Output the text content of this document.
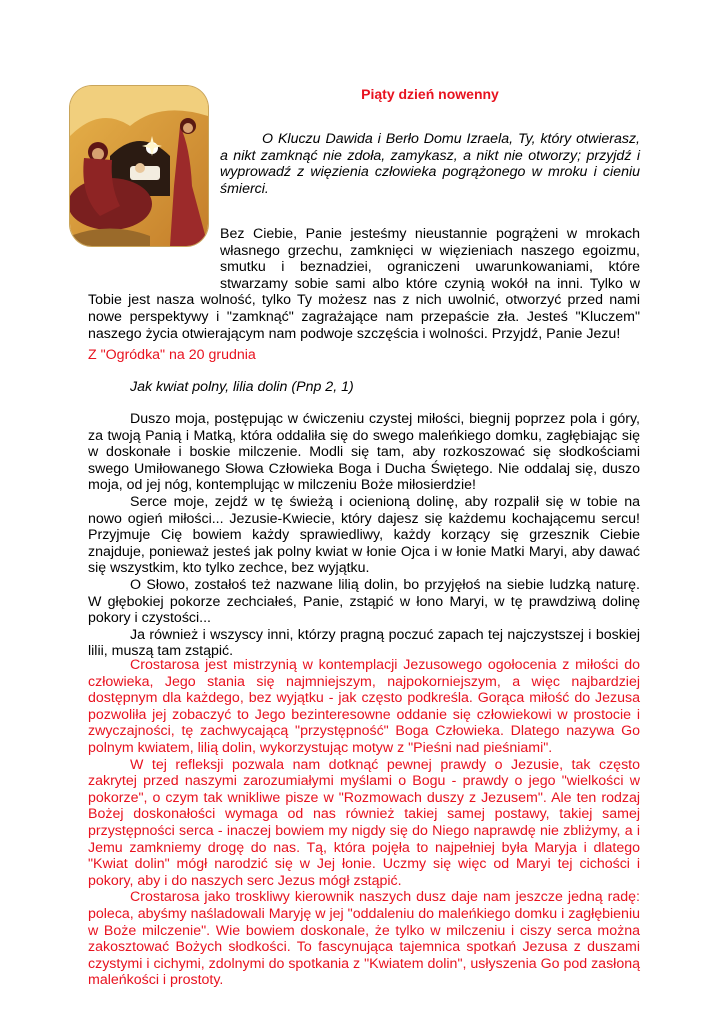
Piąty dzień nowenny
O Kluczu Dawida i Berło Domu Izraela, Ty, który otwierasz, a nikt zamknąć nie zdoła, zamykasz, a nikt nie otworzy; przyjdź i wyprowadź z więzienia człowieka pogrążonego w mroku i cieniu śmierci.
Bez Ciebie, Panie jesteśmy nieustannie pogrążeni w mrokach własnego grzechu, zamknięci w więzieniach naszego egoizmu, smutku i beznadziei, ograniczeni uwarunkowaniami, które stwarzamy sobie sami albo które czynią wokół na inni. Tylko w Tobie jest nasza wolność, tylko Ty możesz nas z nich uwolnić, otworzyć przed nami nowe perspektywy i "zamknąć" zagrażające nam przepaście zła. Jesteś "Kluczem" naszego życia otwierającym nam podwoje szczęścia i wolności. Przyjdź, Panie Jezu!
Z "Ogródka" na 20 grudnia
Jak kwiat polny, lilia dolin (Pnp 2, 1)

Duszo moja, postępując w ćwiczeniu czystej miłości, biegnij poprzez pola i góry, za twoją Panią i Matką, która oddaliła się do swego maleńkiego domku, zagłębiając się w doskonałe i boskie milczenie. Modli się tam, aby rozkoszować się słodkościami swego Umiłowanego Słowa Człowieka Boga i Ducha Świętego. Nie oddalaj się, duszo moja, od jej nóg, kontemplując w milczeniu Boże miłosierdzie!

Serce moje, zejdź w tę świeżą i ocienioną dolinę, aby rozpalił się w tobie na nowo ogień miłości... Jezusie-Kwiecie, który dajesz się każdemu kochającemu sercu! Przyjmuje Cię bowiem każdy sprawiedliwy, każdy korzący się grzesznik Ciebie znajduje, ponieważ jesteś jak polny kwiat w łonie Ojca i w łonie Matki Maryi, aby dawać się wszystkim, kto tylko zechce, bez wyjątku.

O Słowo, zostałoś też nazwane lilią dolin, bo przyjęłoś na siebie ludzką naturę. W głębokiej pokorze zechciałeś, Panie, zstąpić w łono Maryi, w tę prawdziwą dolinę pokory i czystości...

Ja również i wszyscy inni, którzy pragną poczuć zapach tej najczystszej i boskiej lilii, muszą tam zstąpić.

Crostarosa jest mistrzynią w kontemplacji Jezusowego ogołocenia z miłości do człowieka, Jego stania się najmniejszym, najpokorniejszym, a więc najbardziej dostępnym dla każdego, bez wyjątku - jak często podkreśla. Gorąca miłość do Jezusa pozwoliła jej zobaczyć to Jego bezinteresowne oddanie się człowiekowi w prostocie i zwyczajności, tę zachwycającą "przystępność" Boga Człowieka. Dlatego nazywa Go polnym kwiatem, lilią dolin, wykorzystując motyw z "Pieśni nad pieśniami".

W tej refleksji pozwala nam dotknąć pewnej prawdy o Jezusie, tak często zakrytej przed naszymi zarozumiałymi myślami o Bogu - prawdy o jego "wielkości w pokorze", o czym tak wnikliwe pisze w "Rozmowach duszy z Jezusem". Ale ten rodzaj Bożej doskonałości wymaga od nas również takiej samej postawy, takiej samej przystępności serca - inaczej bowiem my nigdy się do Niego naprawdę nie zbliżymy, a i Jemu zamkniemy drogę do nas. Tą, która pojęła to najpełniej była Maryja i dlatego "Kwiat dolin" mógł narodzić się w Jej łonie. Uczmy się więc od Maryi tej cichości i pokory, aby i do naszych serc Jezus mógł zstąpić.

Crostarosa jako troskliwy kierownik naszych dusz daje nam jeszcze jedną radę: poleca, abyśmy naśladowali Maryję w jej "oddaleniu do maleńkiego domku i zagłębieniu w Boże milczenie". Wie bowiem doskonale, że tylko w milczeniu i ciszy serca można zakosztować Bożych słodkości. To fascynująca tajemnica spotkań Jezusa z duszami czystymi i cichymi, zdolnymi do spotkania z "Kwiatem dolin", usłyszenia Go pod zasłoną maleńkości i prostoty.
